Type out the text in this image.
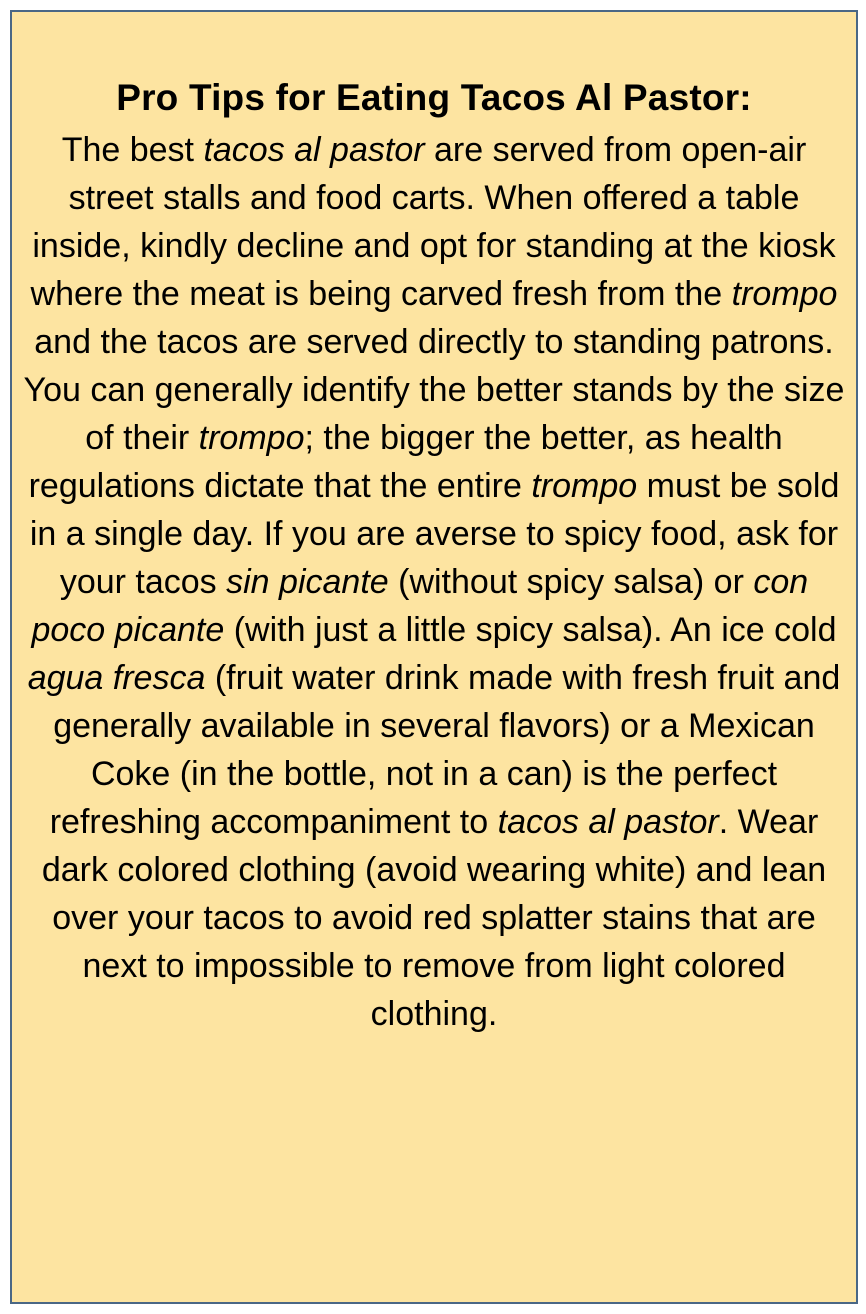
Pro Tips for Eating Tacos Al Pastor:

The best tacos al pastor are served from open-air street stalls and food carts. When offered a table inside, kindly decline and opt for standing at the kiosk where the meat is being carved fresh from the trompo and the tacos are served directly to standing patrons. You can generally identify the better stands by the size of their trompo; the bigger the better, as health regulations dictate that the entire trompo must be sold in a single day. If you are averse to spicy food, ask for your tacos sin picante (without spicy salsa) or con poco picante (with just a little spicy salsa). An ice cold agua fresca (fruit water drink made with fresh fruit and generally available in several flavors) or a Mexican Coke (in the bottle, not in a can) is the perfect refreshing accompaniment to tacos al pastor. Wear dark colored clothing (avoid wearing white) and lean over your tacos to avoid red splatter stains that are next to impossible to remove from light colored clothing.
